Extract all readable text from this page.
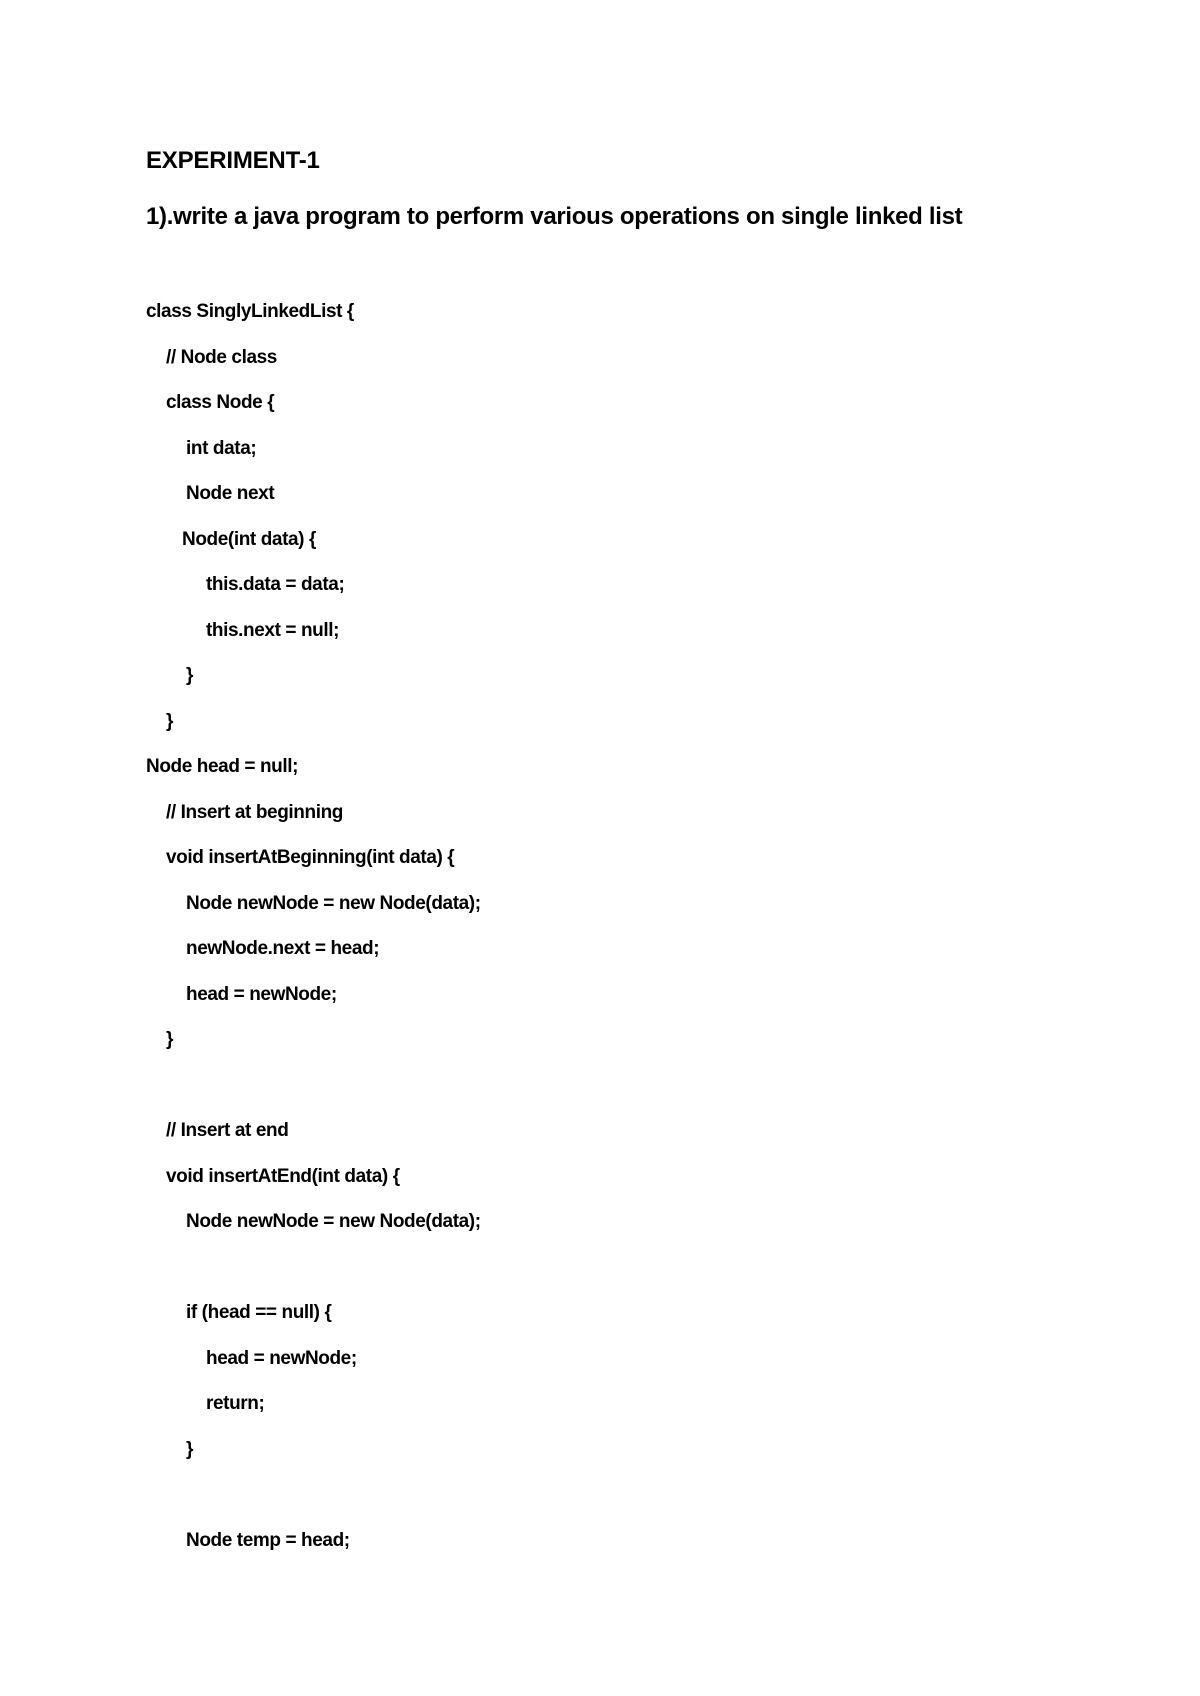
EXPERIMENT-1
1).write a java program to perform various operations on single linked list
class SinglyLinkedList {
// Node class
class Node {
int data;
Node next
Node(int data) {
this.data = data;
this.next = null;
}
}
Node head = null;
// Insert at beginning
void insertAtBeginning(int data) {
Node newNode = new Node(data);
newNode.next = head;
head = newNode;
}
// Insert at end
void insertAtEnd(int data) {
Node newNode = new Node(data);
if (head == null) {
head = newNode;
return;
}
Node temp = head;
